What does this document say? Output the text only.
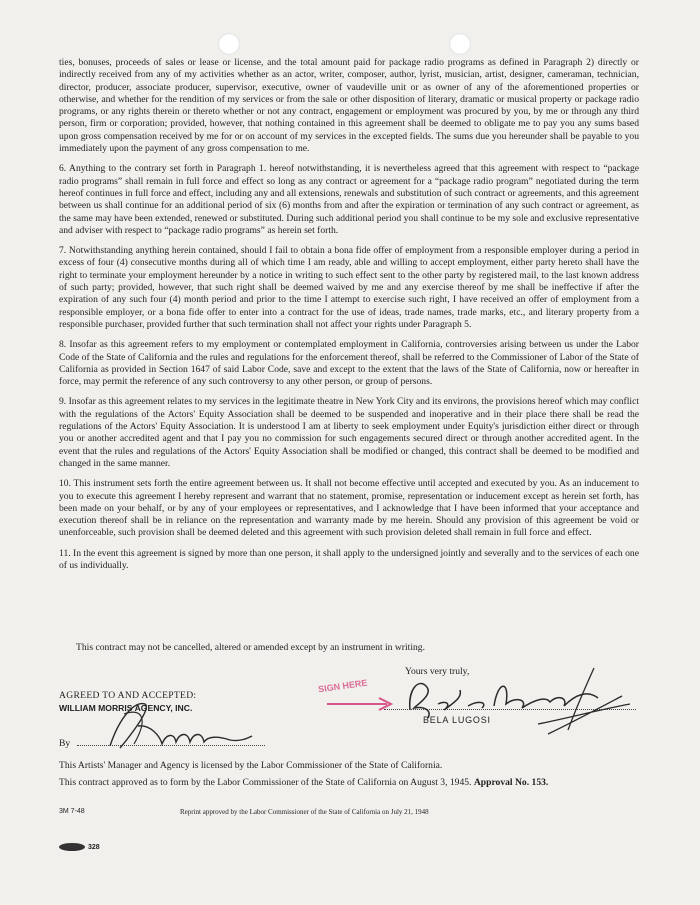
ties, bonuses, proceeds of sales or lease or license, and the total amount paid for package radio programs as defined in Paragraph 2) directly or indirectly received from any of my activities whether as an actor, writer, composer, author, lyrist, musician, artist, designer, cameraman, technician, director, producer, associate producer, supervisor, executive, owner of vaudeville unit or as owner of any of the aforementioned properties or otherwise, and whether for the rendition of my services or from the sale or other disposition of literary, dramatic or musical property or package radio programs, or any rights therein or thereto whether or not any contract, engagement or employment was procured by you, by me or through any third person, firm or corporation; provided, however, that nothing contained in this agreement shall be deemed to obligate me to pay you any sums based upon gross compensation received by me for or on account of my services in the excepted fields. The sums due you hereunder shall be payable to you immediately upon the payment of any gross compensation to me.

6. Anything to the contrary set forth in Paragraph 1. hereof notwithstanding, it is nevertheless agreed that this agreement with respect to “package radio programs” shall remain in full force and effect so long as any contract or agreement for a “package radio program” negotiated during the term hereof continues in full force and effect, including any and all extensions, renewals and substitution of such contract or agreements, and this agreement between us shall continue for an additional period of six (6) months from and after the expiration or termination of any such contract or agreement, as the same may have been extended, renewed or substituted. During such additional period you shall continue to be my sole and exclusive representative and adviser with respect to “package radio programs” as herein set forth.

7. Notwithstanding anything herein contained, should I fail to obtain a bona fide offer of employment from a responsible employer during a period in excess of four (4) consecutive months during all of which time I am ready, able and willing to accept employment, either party hereto shall have the right to terminate your employment hereunder by a notice in writing to such effect sent to the other party by registered mail, to the last known address of such party; provided, however, that such right shall be deemed waived by me and any exercise thereof by me shall be ineffective if after the expiration of any such four (4) month period and prior to the time I attempt to exercise such right, I have received an offer of employment from a responsible employer, or a bona fide offer to enter into a contract for the use of ideas, trade names, trade marks, etc., and literary property from a responsible purchaser, provided further that such termination shall not affect your rights under Paragraph 5.

8. Insofar as this agreement refers to my employment or contemplated employment in California, controversies arising between us under the Labor Code of the State of California and the rules and regulations for the enforcement thereof, shall be referred to the Commissioner of Labor of the State of California as provided in Section 1647 of said Labor Code, save and except to the extent that the laws of the State of California, now or hereafter in force, may permit the reference of any such controversy to any other person, or group of persons.

9. Insofar as this agreement relates to my services in the legitimate theatre in New York City and its environs, the provisions hereof which may conflict with the regulations of the Actors' Equity Association shall be deemed to be suspended and inoperative and in their place there shall be read the regulations of the Actors' Equity Association. It is understood I am at liberty to seek employment under Equity's jurisdiction either direct or through you or another accredited agent and that I pay you no commission for such engagements secured direct or through another accredited agent. In the event that the rules and regulations of the Actors' Equity Association shall be modified or changed, this contract shall be deemed to be modified and changed in the same manner.

10. This instrument sets forth the entire agreement between us. It shall not become effective until accepted and executed by you. As an inducement to you to execute this agreement I hereby represent and warrant that no statement, promise, representation or inducement except as herein set forth, has been made on your behalf, or by any of your employees or representatives, and I acknowledge that I have been informed that your acceptance and execution thereof shall be in reliance on the representation and warranty made by me herein. Should any provision of this agreement be void or unenforceable, such provision shall be deemed deleted and this agreement with such provision deleted shall remain in full force and effect.

11. In the event this agreement is signed by more than one person, it shall apply to the undersigned jointly and severally and to the services of each one of us individually.

This contract may not be cancelled, altered or amended except by an instrument in writing.
Yours very truly,
AGREED TO AND ACCEPTED:
WILLIAM MORRIS AGENCY, INC.
By
SIGN HERE
BELA LUGOSI
This Artists' Manager and Agency is licensed by the Labor Commissioner of the State of California.
This contract approved as to form by the Labor Commissioner of the State of California on August 3, 1945. Approval No. 153.
3M 7-48	Reprint approved by the Labor Commissioner of the State of California on July 21, 1948
328
